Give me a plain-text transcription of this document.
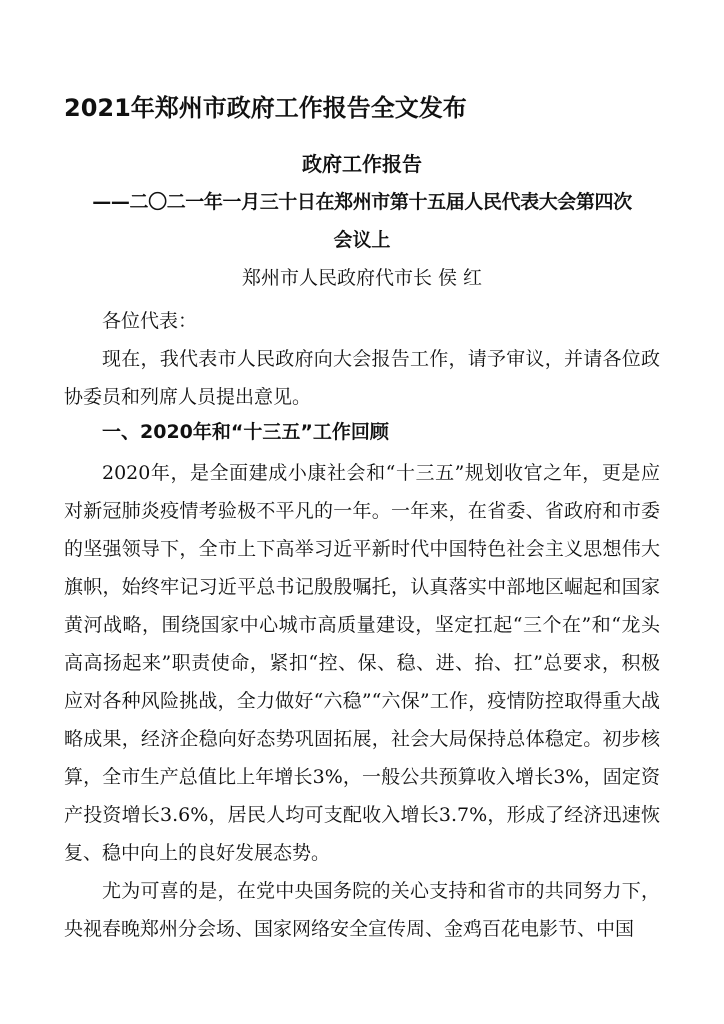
2021年郑州市政府工作报告全文发布
政府工作报告
——二〇二一年一月三十日在郑州市第十五届人民代表大会第四次
会议上
郑州市人民政府代市长 侯 红
各位代表：
现在，我代表市人民政府向大会报告工作，请予审议，并请各位政协委员和列席人员提出意见。
一、2020年和“十三五”工作回顾
2020年，是全面建成小康社会和“十三五”规划收官之年，更是应对新冠肺炎疫情考验极不平凡的一年。一年来，在省委、省政府和市委的坚强领导下，全市上下高举习近平新时代中国特色社会主义思想伟大旗帜，始终牢记习近平总书记殷殷嘱托，认真落实中部地区崛起和国家黄河战略，围绕国家中心城市高质量建设，坚定扛起“三个在”和“龙头高高扬起来”职责使命，紧扣“控、保、稳、进、抬、扛”总要求，积极应对各种风险挑战，全力做好“六稳”“六保”工作，疫情防控取得重大战略成果，经济企稳向好态势巩固拓展，社会大局保持总体稳定。初步核算，全市生产总值比上年增长3%，一般公共预算收入增长3%，固定资产投资增长3.6%，居民人均可支配收入增长3.7%，形成了经济迅速恢复、稳中向上的良好发展态势。
尤为可喜的是，在党中央国务院的关心支持和省市的共同努力下，央视春晚郑州分会场、国家网络安全宣传周、金鸡百花电影节、中国
